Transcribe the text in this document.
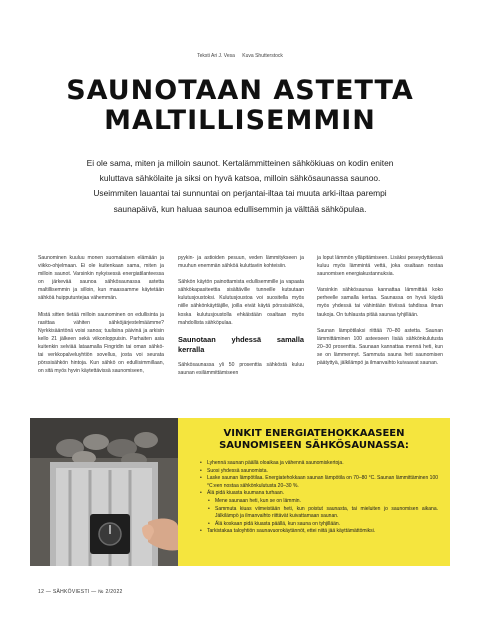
Teksti Ari J. Vesa Kuva Shutterstock
SAUNOTAAN ASTETTA
MALTILLISEMMIN
Ei ole sama, miten ja milloin saunot. Kertalämmitteinen sähkökiuas on kodin eniten kuluttava sähkölaite ja siksi on hyvä katsoa, milloin sähkösaunassa saunoo. Useimmiten lauantai tai sunnuntai on perjantai-iltaa tai muuta arki-iltaa parempi saunapäivä, kun haluaa saunoa edullisemmin ja välttää sähköpulaa.

Saunominen kuuluu monen suomalaisen elämään ja viikko-ohjelmaan. Ei ole kuitenkaan sama, miten ja milloin saunot. Varsinkin nykyisessä energiatilanteessa on järkevää saunoa sähkösaunassa astetta maltillisemmin ja silloin, kun maassamme käytetään sähköä huipputuntejaa vähemmän.

Mistä sitten tietää milloin saunominen on edullisinta ja rasittaa vähiten sähköjärjestelmäämme? Nyrkkisääntönä voisi sanoa; tuulisina päivinä ja arkisin kello 21 jälkeen sekä viikonloppuisin. Parhaiten asia kuitenkin selviää lataamalla Fingridin tai oman sähkö- tai verkkopalveluyhtiön sovellus, josta voi seurata pörssisähkön hintoja. Kun sähkö on edullisimmillaan, on sitä myös hyvin käytettävissä saunomiseen,

pyykin- ja astioiden pesuun, veden lämmitykseen ja muuhun enemmän sähköä kuluttaviin kohteisiin.

Sähkön käytön painottamista edullisemmille ja vapaata sähkökapasiteettia sisältäville tunneille kutsutaan kulutusjoustoksi. Kulutusjoustoa voi suositella myös niille sähkönkäyttäjille, joilla eivät käytä pörssisähköä, koska kulutusjoustolla ehkäistään osaltaan myös mahdollista sähköpulaa.

Saunotaan yhdessä samalla kerralla

Sähkösaunassa yli 50 prosenttia sähköstä kuluu saunan esilämmittämiseen

ja loput lämmön ylläpitämiseen. Lisäksi peseydyttäessä kuluu myös lämmintä vettä, joka osaltaan nostaa saunomisen energiakustannuksia.

Varsinkin sähkösaunaa kannattaa lämmittää koko perheelle samalla kertaa. Saunassa on hyvä käydä myös yhdessä tai vähintään tiiviissä tahdissa ilman taukoja. On tuhlausta pitää saunaa tyhjillään.

Saunan lämpötilaksi riittää 70–80 astetta. Saunan lämmittäminen 100 asteeseen lisää sähkönkulutusta 20–30 prosenttia. Saunaan kannattaa mennä heti, kun se on lämmennyt. Sammuta sauna heti saunomisen päätyttyä, jälkilämpö ja ilmanvaihto kuivaavat saunan.

VINKIT ENERGIATEHOKKAASEEN
SAUNOMISEEN SÄHKÖSAUNASSA:
• Lyhennä saunan päällä oloaikaa ja vähennä saunomiskertoja.
• Suosi yhdessä saunomista.
• Laske saunan lämpötilaa. Energiatehokkaan saunan lämpötila on 70–80 °C. Saunan lämmittäminen 100 °C:een nostaa sähkönkulutusta 20–30 %.
• Älä pidä kiuasta kuumana turhaan.
• Mene saunaan heti, kun se on lämmin.
• Sammuta kiuas viimeistään heti, kun poistut saunasta, tai mieluiten jo saunomisen aikana. Jälkilämpö ja ilmanvaihto riittävät kuivattamaan saunan.
• Älä koskaan pidä kiuasta päällä, kun sauna on tyhjillään.
• Tarkistakaa taloyhtiön saunavuorokäytännöt, ettei niitä jää käyttämättömiksi.
12 — SÄHKÖVIESTI — № 2/2022
